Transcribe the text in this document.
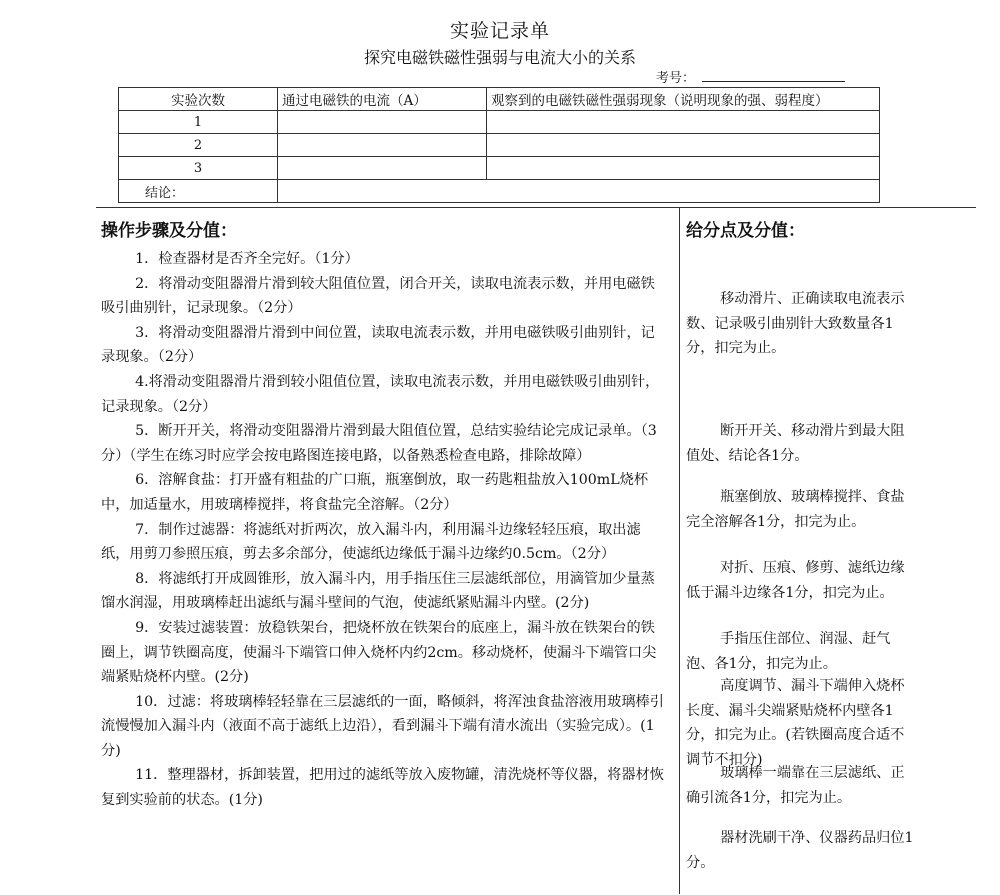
实验记录单
探究电磁铁磁性强弱与电流大小的关系
考号：
实验次数	通过电磁铁的电流（A）	观察到的电磁铁磁性强弱现象（说明现象的强、弱程度）
1		
2		
3		
结论：		
操作步骤及分值：	给分点及分值：

1．检查器材是否齐全完好。（1分）

2．将滑动变阻器滑片滑到较大阻值位置，闭合开关，读取电流表示数，并用电磁铁吸引曲别针，记录现象。（2分）

3．将滑动变阻器滑片滑到中间位置，读取电流表示数，并用电磁铁吸引曲别针，记录现象。（2分）

4.将滑动变阻器滑片滑到较小阻值位置，读取电流表示数，并用电磁铁吸引曲别针，记录现象。（2分）

5．断开开关，将滑动变阻器滑片滑到最大阻值位置，总结实验结论完成记录单。（3分）（学生在练习时应学会按电路图连接电路，以备熟悉检查电路，排除故障）

6．溶解食盐：打开盛有粗盐的广口瓶，瓶塞倒放，取一药匙粗盐放入100mL烧杯中，加适量水，用玻璃棒搅拌，将食盐完全溶解。（2分）

7．制作过滤器：将滤纸对折两次，放入漏斗内，利用漏斗边缘轻轻压痕，取出滤纸，用剪刀参照压痕，剪去多余部分，使滤纸边缘低于漏斗边缘约0.5cm。（2分）

8．将滤纸打开成圆锥形，放入漏斗内，用手指压住三层滤纸部位，用滴管加少量蒸馏水润湿，用玻璃棒赶出滤纸与漏斗壁间的气泡，使滤纸紧贴漏斗内壁。(2分)

9．安装过滤装置：放稳铁架台，把烧杯放在铁架台的底座上，漏斗放在铁架台的铁圈上，调节铁圈高度，使漏斗下端管口伸入烧杯内约2cm。移动烧杯，使漏斗下端管口尖端紧贴烧杯内壁。(2分)

10．过滤：将玻璃棒轻轻靠在三层滤纸的一面，略倾斜，将浑浊食盐溶液用玻璃棒引流慢慢加入漏斗内（液面不高于滤纸上边沿），看到漏斗下端有清水流出（实验完成）。(1分)

11．整理器材，拆卸装置，把用过的滤纸等放入废物罐，清洗烧杯等仪器，将器材恢复到实验前的状态。(1分)

移动滑片、正确读取电流表示数、记录吸引曲别针大致数量各1分，扣完为止。

断开开关、移动滑片到最大阻值处、结论各1分。

瓶塞倒放、玻璃棒搅拌、食盐完全溶解各1分，扣完为止。

对折、压痕、修剪、滤纸边缘低于漏斗边缘各1分，扣完为止。

手指压住部位、润湿、赶气泡、各1分，扣完为止。

高度调节、漏斗下端伸入烧杯长度、漏斗尖端紧贴烧杯内壁各1分，扣完为止。(若铁圈高度合适不调节不扣分)

玻璃棒一端靠在三层滤纸、正确引流各1分，扣完为止。

器材洗刷干净、仪器药品归位1分。
